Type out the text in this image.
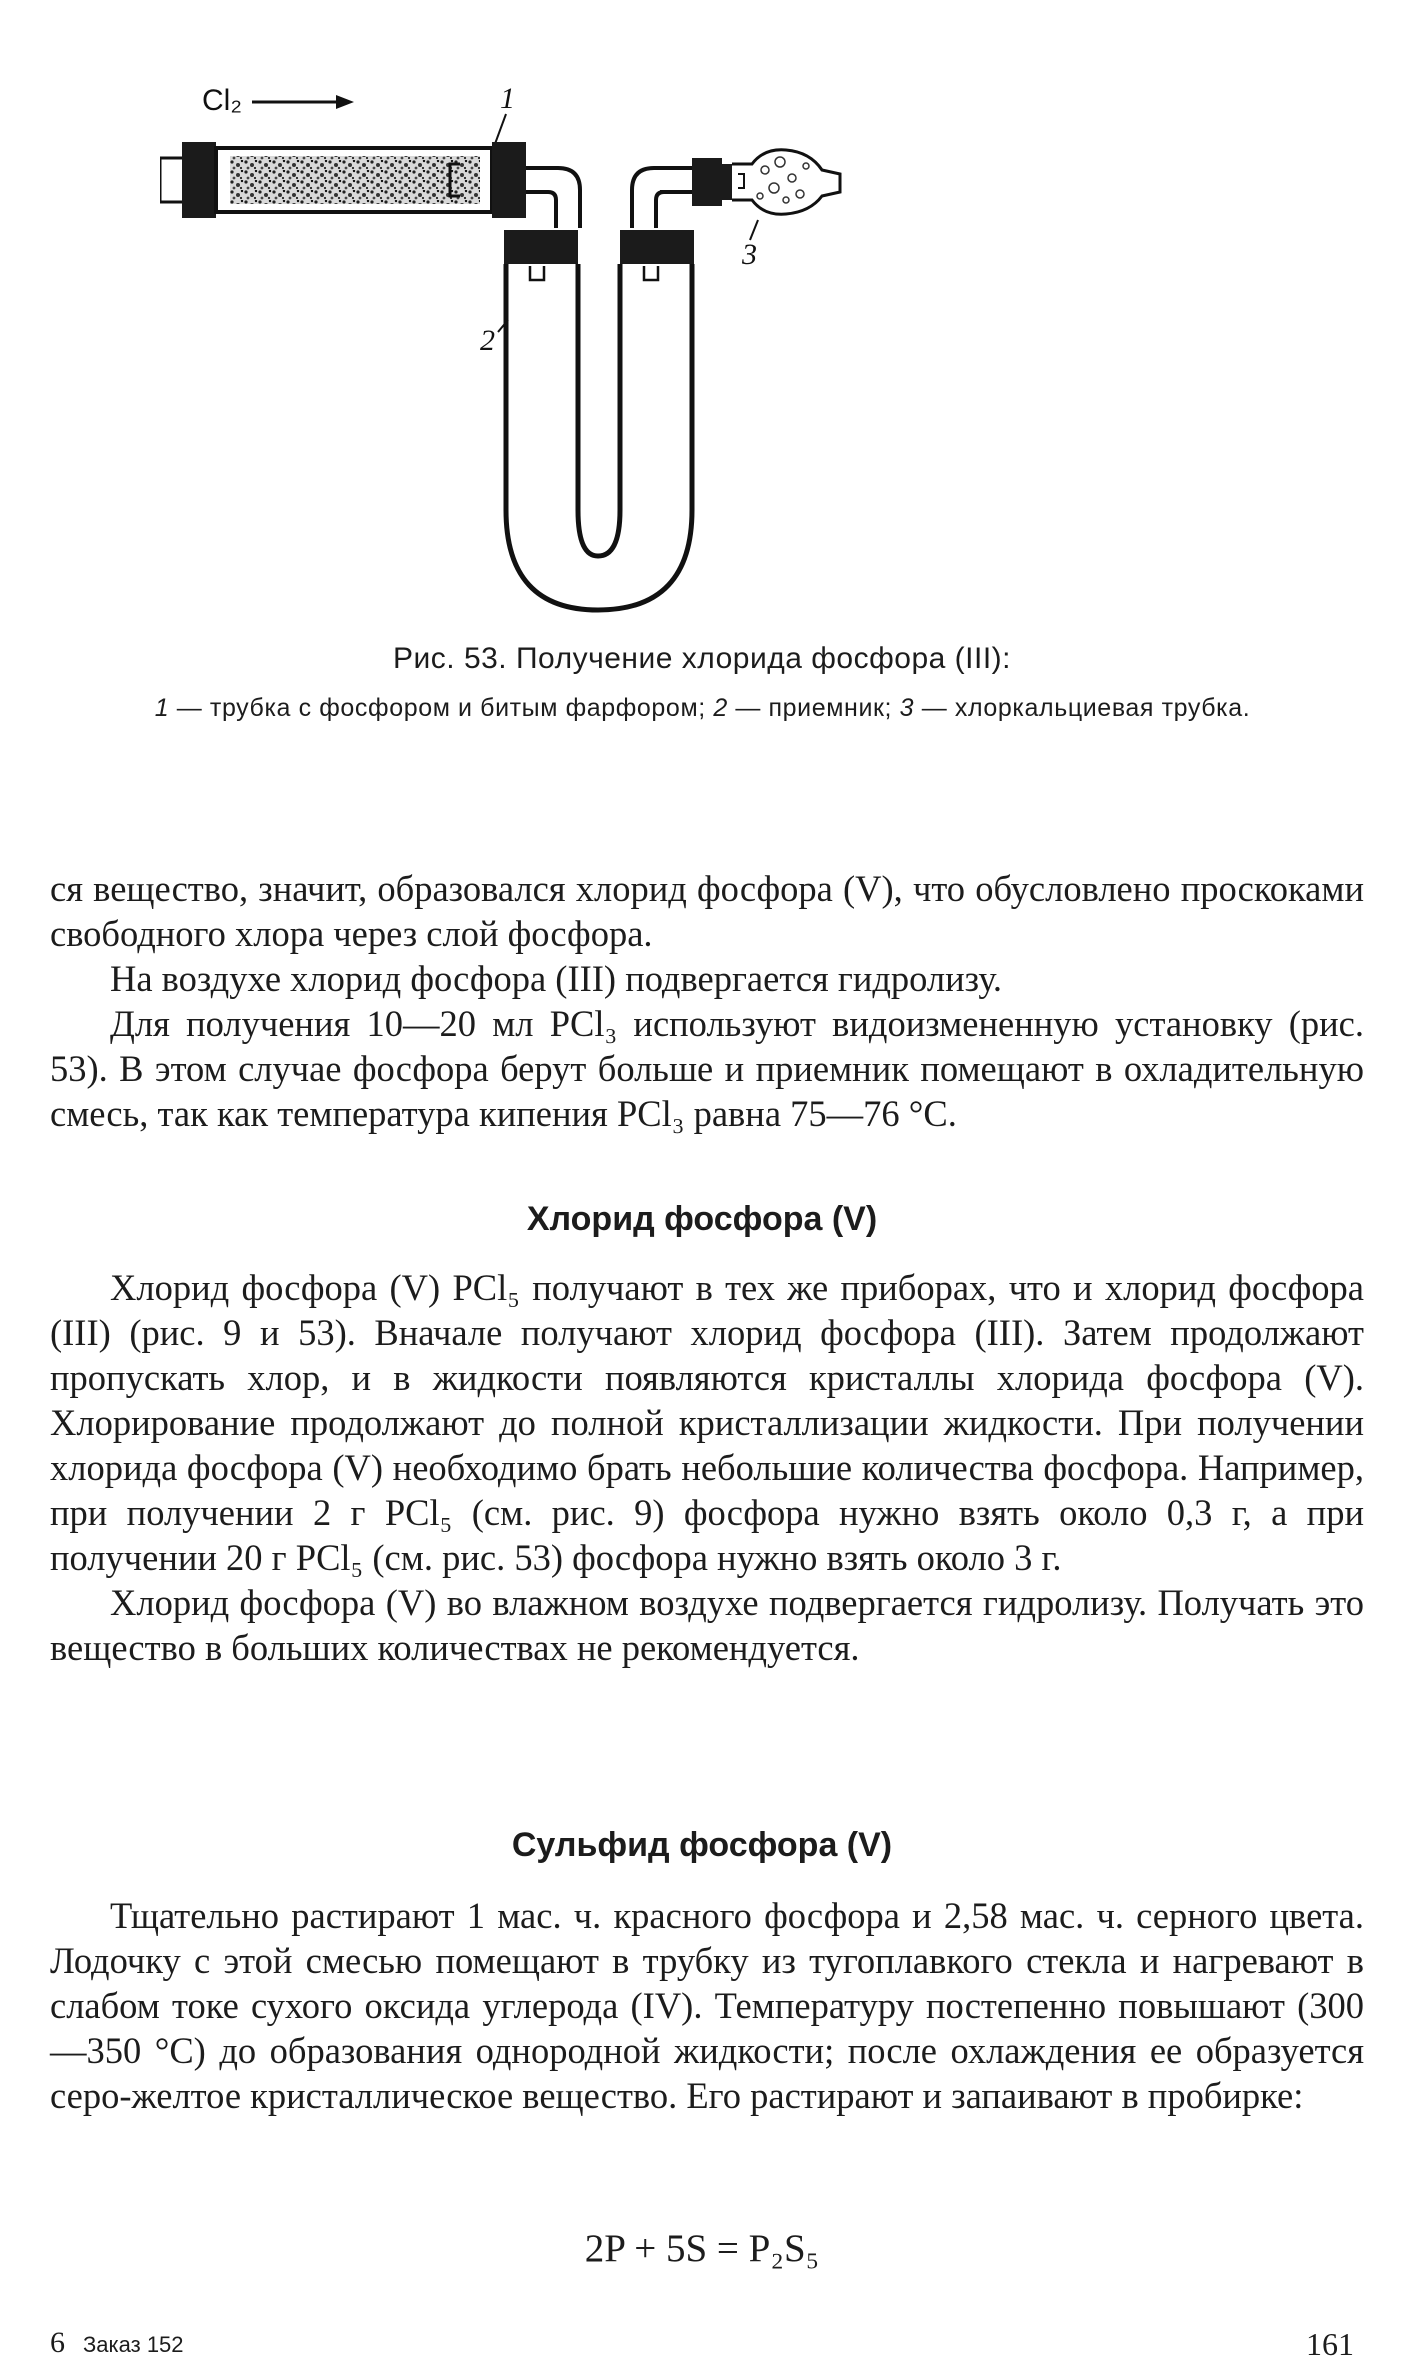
Cl₂	1
2
3
Рис. 53. Получение хлорида фосфора (III):
1 — трубка с фосфором и битым фарфором; 2 — приемник; 3 — хлоркальциевая трубка.

ся вещество, значит, образовался хлорид фосфора (V), что обусловлено проскоками свободного хлора через слой фосфора.

На воздухе хлорид фосфора (III) подвергается гидролизу.

Для получения 10—20 мл PCl₃ используют видоизмененную установку (рис. 53). В этом случае фосфора берут больше и приемник помещают в охладительную смесь, так как температура кипения PCl₃ равна 75—76 °С.

Хлорид фосфора (V)

Хлорид фосфора (V) PCl₅ получают в тех же приборах, что и хлорид фосфора (III) (рис. 9 и 53). Вначале получают хлорид фосфора (III). Затем продолжают пропускать хлор, и в жидкости появляются кристаллы хлорида фосфора (V). Хлорирование продолжают до полной кристаллизации жидкости. При получении хлорида фосфора (V) необходимо брать небольшие количества фосфора. Например, при получении 2 г PCl₅ (см. рис. 9) фосфора нужно взять около 0,3 г, а при получении 20 г PCl₅ (см. рис. 53) фосфора нужно взять около 3 г.

Хлорид фосфора (V) во влажном воздухе подвергается гидролизу. Получать это вещество в больших количествах не рекомендуется.

Сульфид фосфора (V)

Тщательно растирают 1 мас. ч. красного фосфора и 2,58 мас. ч. серного цвета. Лодочку с этой смесью помещают в трубку из тугоплавкого стекла и нагревают в слабом токе сухого оксида углерода (IV). Температуру постепенно повышают (300—350 °С) до образования однородной жидкости; после охлаждения ее образуется серо-желтое кристаллическое вещество. Его растирают и запаивают в пробирке:

2P + 5S = P₂S₅
6 Заказ 152	161
